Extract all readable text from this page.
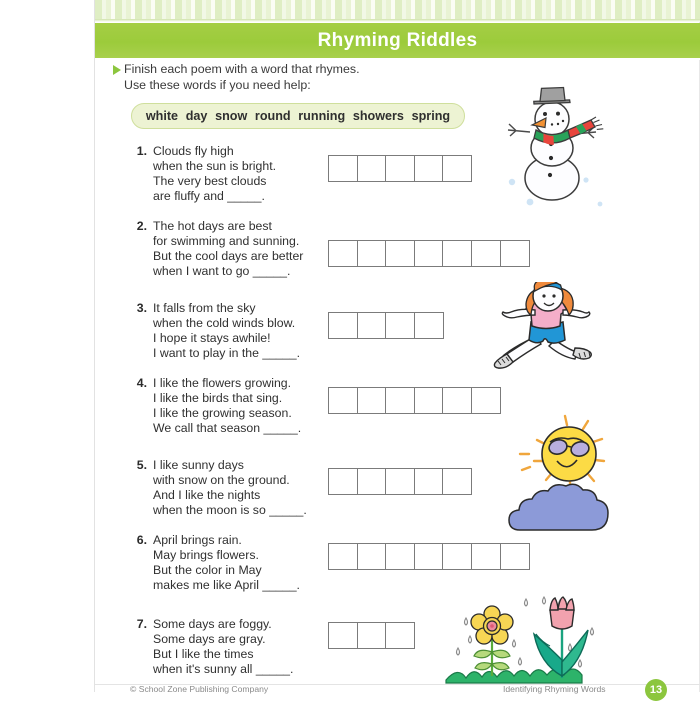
Rhyming Riddles
Finish each poem with a word that rhymes.
Use these words if you need help:
white day snow round running showers spring
1. Clouds fly high
when the sun is bright.
The very best clouds
are fluffy and _____.
2. The hot days are best
for swimming and sunning.
But the cool days are better
when I want to go _____.
3. It falls from the sky
when the cold winds blow.
I hope it stays awhile!
I want to play in the _____.
4. I like the flowers growing.
I like the birds that sing.
I like the growing season.
We call that season _____.
5. I like sunny days
with snow on the ground.
And I like the nights
when the moon is so _____.
6. April brings rain.
May brings flowers.
But the color in May
makes me like April _____.
7. Some days are foggy.
Some days are gray.
But I like the times
when it's sunny all _____.
© School Zone Publishing Company	Identifying Rhyming Words	13
